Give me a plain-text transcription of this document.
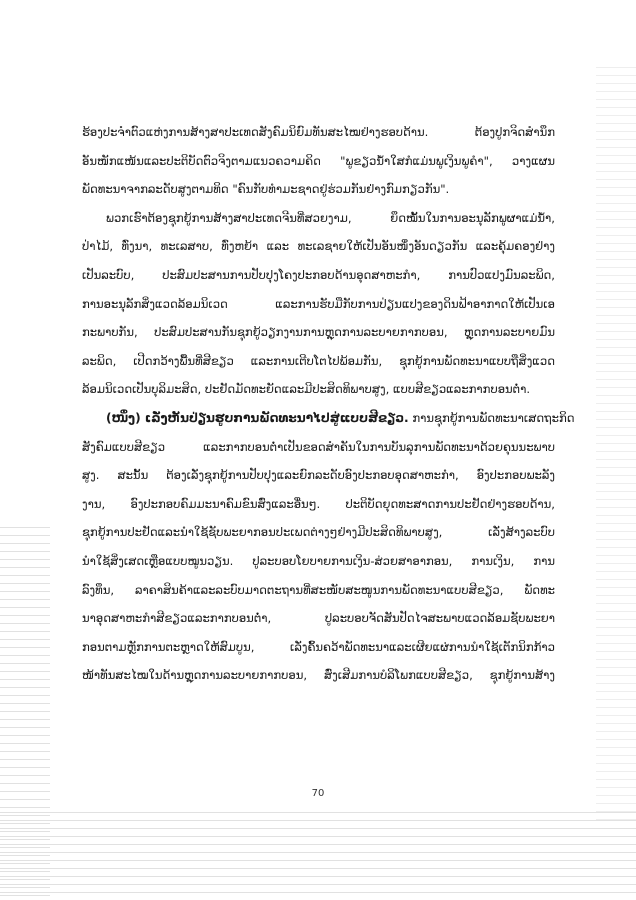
ຮ້ອງປະຈໍາຕົວແຫ່ງການສ້າງສາປະເທດສັງຄົມນິຍົມທັນສະໄໝຢ່າງຮອບດ້ານ. ຕ້ອງປູກຈິດສໍານຶກ
ອັນໜັກແໜ້ນແລະປະຕິບັດຕົວຈິງຕາມແນວຄວາມຄິດ "ພູຂຽວນໍ້າໃສກໍແມ່ນພູເງິນພູຄໍາ", ວາງແຜນ
ພັດທະນາຈາກລະດັບສູງຕາມທິດ "ຄົນກັບທໍາມະຊາດຢູ່ຮ່ວມກັນຢ່າງກົມກຽວກັນ".
ພວກເຮົາຕ້ອງຊຸກຍູ້ການສ້າງສາປະເທດຈີນທີ່ສວຍງາມ, ຍຶດໝັ້ນໃນການອະນຸລັກພູຜາແມ່ນໍ້າ,
ປ່າໄມ້, ທົ່ງນາ, ທະເລສາບ, ທົ່ງຫຍ້າ ແລະ ທະເລຊາຍໃຫ້ເປັນອັນໜຶ່ງອັນດຽວກັນ ແລະຄຸ້ມຄອງຢ່າງ
ເປັນລະບົບ, ປະສົມປະສານການປັບປຸງໂຄງປະກອບດ້ານອຸດສາຫະກໍາ, ການປົວແປງມົນລະພິດ,
ການອະນຸລັກສິ່ງແວດລ້ອມນິເວດ ແລະການຮັບມືກັບການປ່ຽນແປງຂອງດິນຟ້າອາກາດໃຫ້ເປັນເອ
ກະພາບກັນ, ປະສົມປະສານກັນຊຸກຍູ້ວຽກງານການຫຼຸດການລະບາຍກາກບອນ, ຫຼຸດການລະບາຍມົນ
ລະພິດ, ເປີດກວ້າງພື້ນທີ່ສີຂຽວ ແລະການເຕີບໂຕໄປພ້ອມກັນ, ຊຸກຍູ້ການພັດທະນາແບບຖືສິ່ງແວດ
ລ້ອມນິເວດເປັນບຸລິມະສິດ, ປະຢັດມັດທະຍັດແລະມີປະສິດທິພາບສູງ, ແບບສີຂຽວແລະກາກບອນຕໍ່າ.
(ໜຶ່ງ) ເລັ່ງຫັນປ່ຽນຮູບການພັດທະນາໄປສູ່ແບບສີຂຽວ. ການຊຸກຍູ້ການພັດທະນາເສດຖະກິດ
ສັງຄົມແບບສີຂຽວ ແລະກາກບອນຕໍ່າເປັນຂອດສໍາຄັນໃນການບັນລຸການພັດທະນາດ້ວຍຄຸນນະພາບ
ສູງ. ສະນັ້ນ ຕ້ອງເລັ່ງຊຸກຍູ້ການປັບປຸງແລະຍົກລະດັບອົງປະກອບອຸດສາຫະກໍາ, ອົງປະກອບພະລັງ
ງານ, ອົງປະກອບຄົມມະນາຄົມຂົນສົ່ງແລະອື່ນໆ. ປະຕິບັດຍຸດທະສາດການປະຢັດຢ່າງຮອບດ້ານ,
ຊຸກຍູ້ການປະຢັດແລະນໍາໃຊ້ຊັບພະຍາກອນປະເພດຕ່າງໆຢ່າງມີປະສິດທິພາບສູງ, ເລັ່ງສ້າງລະບົບ
ນໍາໃຊ້ສິ່ງເສດເຫຼືອແບບໝູນວຽນ. ປູລະບອບໂຍບາຍການເງິນ-ສ່ວຍສາອາກອນ, ການເງິນ, ການ
ລົງທຶນ, ລາຄາສິນຄ້າແລະລະບົບມາດຕະຖານທີ່ສະໜັບສະໜູນການພັດທະນາແບບສີຂຽວ, ພັດທະ
ນາອຸດສາຫະກໍາສີຂຽວແລະກາກບອນຕໍ່າ, ປູລະບອບຈັດສັນປັດໄຈສະພາບແວດລ້ອມຊັບພະຍາ
ກອນຕາມຫຼັກການຕະຫຼາດໃຫ້ສົມບູນ, ເລັ່ງຄົ້ນຄວ້າພັດທະນາແລະເຜີຍແຜ່ການນໍາໃຊ້ເຕັກນິກກ້າວ
ໜ້າທັນສະໄໝໃນດ້ານຫຼຸດການລະບາຍກາກບອນ, ສົ່ງເສີມການບໍລິໂພກແບບສີຂຽວ, ຊຸກຍູ້ການສ້າງ
70
